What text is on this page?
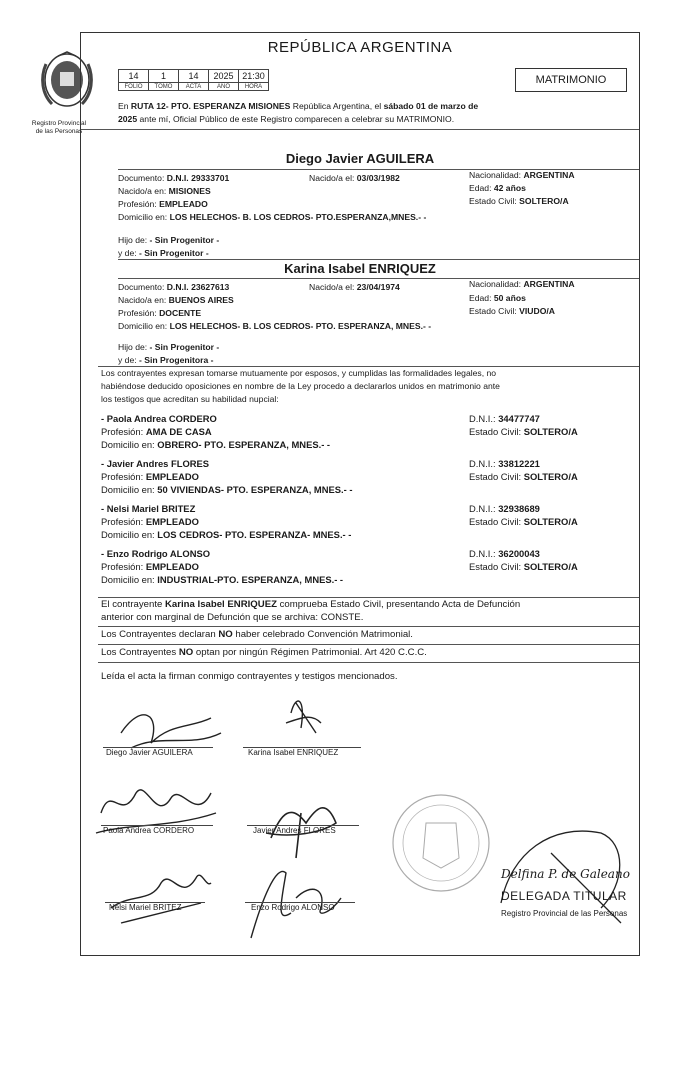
Registro Provincial
de las Personas
REPÚBLICA ARGENTINA
14	1	14	2025	21:30
FOLIO	TOMO	ACTA	AÑO	HORA
MATRIMONIO
En RUTA 12- PTO. ESPERANZA MISIONES República Argentina, el sábado 01 de marzo de
2025 ante mí, Oficial Público de este Registro comparecen a celebrar su MATRIMONIO.
Diego Javier AGUILERA
Documento: D.N.I. 29333701	Nacido/a el: 03/03/1982	Nacionalidad: ARGENTINA
Nacido/a en: MISIONES	Edad: 42 años
Profesión: EMPLEADO	Estado Civil: SOLTERO/A
Domicilio en: LOS HELECHOS- B. LOS CEDROS- PTO.ESPERANZA,MNES.- -
Hijo de: - Sin Progenitor -
y de: - Sin Progenitor -
Karina Isabel ENRIQUEZ
Documento: D.N.I. 23627613	Nacido/a el: 23/04/1974	Nacionalidad: ARGENTINA
Nacido/a en: BUENOS AIRES	Edad: 50 años
Profesión: DOCENTE	Estado Civil: VIUDO/A
Domicilio en: LOS HELECHOS- B. LOS CEDROS- PTO. ESPERANZA, MNES.- -
Hijo de: - Sin Progenitor -
y de: - Sin Progenitora -
Los contrayentes expresan tomarse mutuamente por esposos, y cumplidas las formalidades legales, no
habiéndose deducido oposiciones en nombre de la Ley procedo a declararlos unidos en matrimonio ante
los testigos que acreditan su habilidad nupcial:
- Paola Andrea CORDERO	D.N.I.: 34477747
Profesión: AMA DE CASA	Estado Civil: SOLTERO/A
Domicilio en: OBRERO- PTO. ESPERANZA, MNES.- -
- Javier Andres FLORES	D.N.I.: 33812221
Profesión: EMPLEADO	Estado Civil: SOLTERO/A
Domicilio en: 50 VIVIENDAS- PTO. ESPERANZA, MNES.- -
- Nelsi Mariel BRITEZ	D.N.I.: 32938689
Profesión: EMPLEADO	Estado Civil: SOLTERO/A
Domicilio en: LOS CEDROS- PTO. ESPERANZA- MNES.- -
- Enzo Rodrigo ALONSO	D.N.I.: 36200043
Profesión: EMPLEADO	Estado Civil: SOLTERO/A
Domicilio en: INDUSTRIAL-PTO. ESPERANZA, MNES.- -
El contrayente Karina Isabel ENRIQUEZ comprueba Estado Civil, presentando Acta de Defunción
anterior con marginal de Defunción que se archiva: CONSTE.
Los Contrayentes declaran NO haber celebrado Convención Matrimonial.
Los Contrayentes NO optan por ningún Régimen Patrimonial. Art 420 C.C.C.
Leída el acta la firman conmigo contrayentes y testigos mencionados.
Diego Javier AGUILERA	Karina Isabel ENRIQUEZ
Paola Andrea CORDERO	Javier Andres FLORES
Nelsi Mariel BRITEZ	Enzo Rodrigo ALONSO
Delfina P. de Galeano
DELEGADA TITULAR
Registro Provincial de las Personas
